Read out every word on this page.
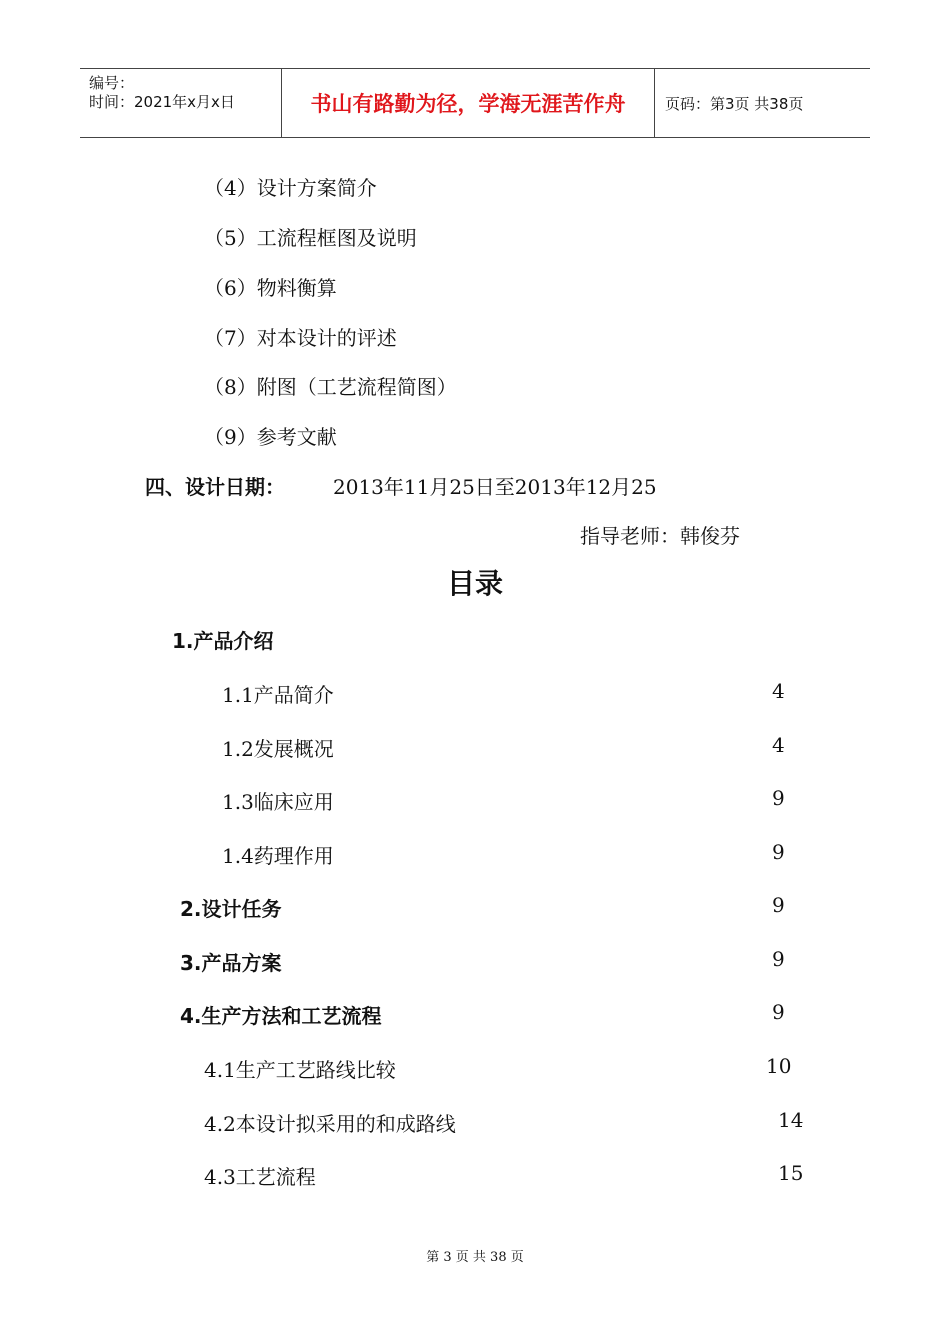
编号：
时间：2021年x月x日	书山有路勤为径，学海无涯苦作舟	页码：第3页 共38页
（4）设计方案简介
（5）工流程框图及说明
（6）物料衡算
（7）对本设计的评述
（8）附图（工艺流程简图）
（9）参考文献
四、设计日期： 2013年11月25日至2013年12月25
指导老师：韩俊芬
目录
1.产品介绍
1.1产品简介	4
1.2发展概况	4
1.3临床应用	9
1.4药理作用	9
2.设计任务	9
3.产品方案	9
4.生产方法和工艺流程	9
4.1生产工艺路线比较	10
4.2本设计拟采用的和成路线	14
4.3工艺流程	15
第 3 页 共 38 页
